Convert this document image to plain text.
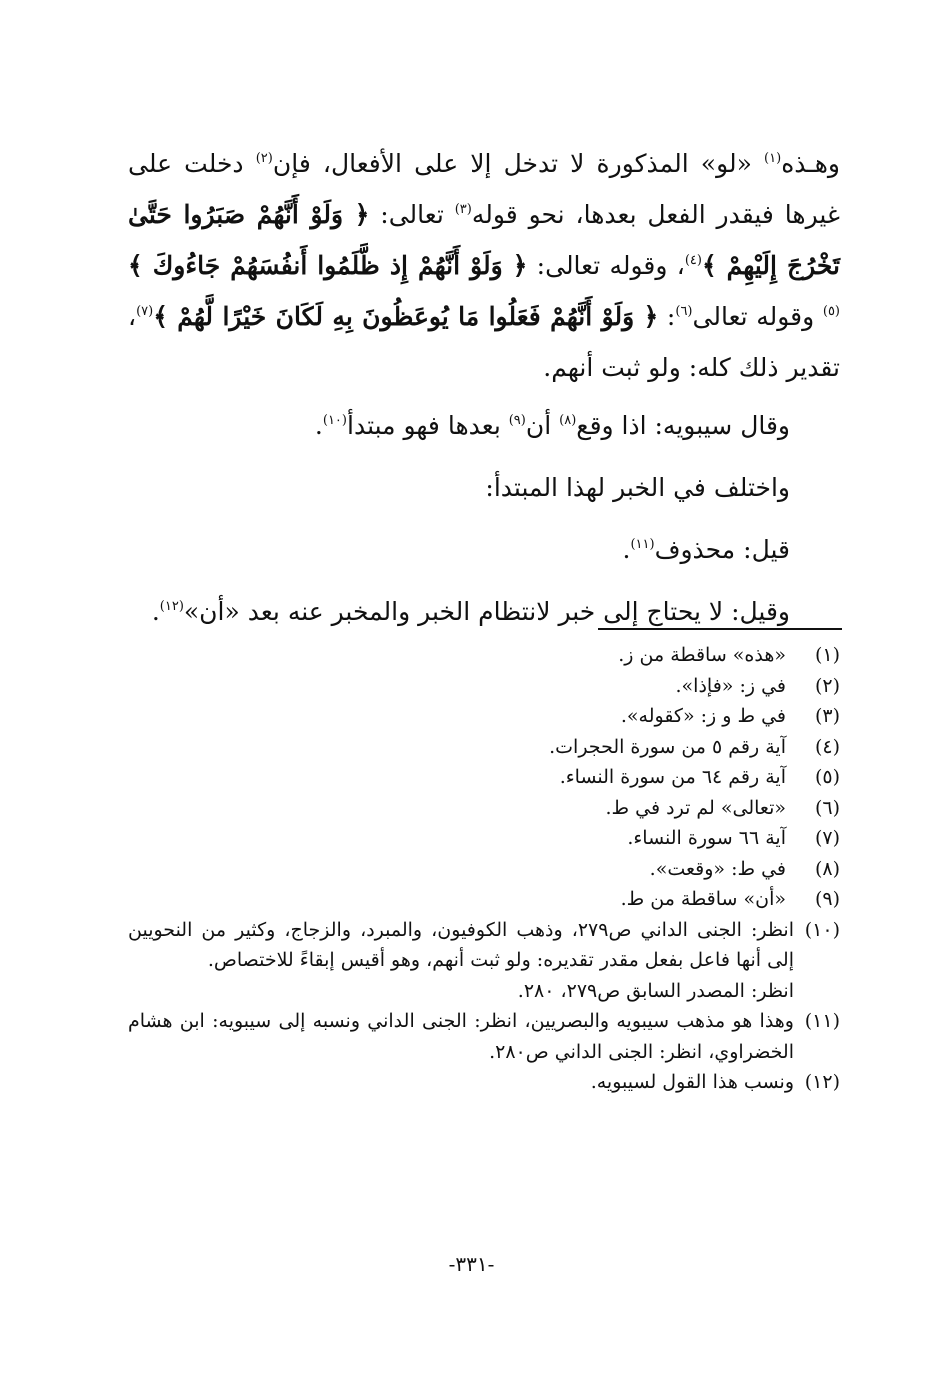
وهـذه$^{(١)}$ «لو» المذكورة لا تدخل إلا على الأفعال، فإن$^{(٢)}$ دخلت على غيرها فيقدر الفعل بعدها، نحو قوله$^{(٣)}$ تعالى: ﴿ وَلَوْ أَنَّهُمْ صَبَرُوا حَتَّىٰ تَخْرُجَ إِلَيْهِمْ ﴾$^{(٤)}$، وقوله تعالى: ﴿ وَلَوْ أَنَّهُمْ إِذ ظَّلَمُوا أَنفُسَهُمْ جَاءُوكَ ﴾$^{(٥)}$ وقوله تعالى$^{(٦)}$: ﴿ وَلَوْ أَنَّهُمْ فَعَلُوا مَا يُوعَظُونَ بِهِ لَكَانَ خَيْرًا لَّهُمْ ﴾$^{(٧)}$، تقدير ذلك كله: ولو ثبت أنهم.

وقال سيبويه: اذا وقع$^{(٨)}$ أن$^{(٩)}$ بعدها فهو مبتدأ$^{(١٠)}$.

واختلف في الخبر لهذا المبتدأ:

قيل: محذوف$^{(١١)}$.

وقيل: لا يحتاج إلى خبر لانتظام الخبر والمخبر عنه بعد «أن»$^{(١٢)}$.

(١)
«هذه» ساقطة من ز.
(٢)
في ز: «فإذا».
(٣)
في ط و ز: «كقوله».
(٤)
آية رقم ٥ من سورة الحجرات.
(٥)
آية رقم ٦٤ من سورة النساء.
(٦)
«تعالى» لم ترد في ط.
(٧)
آية ٦٦ سورة النساء.
(٨)
في ط: «وقعت».
(٩)
«أن» ساقطة من ط.
(١٠)
انظر: الجنى الداني ص٢٧٩، وذهب الكوفيون، والمبرد، والزجاج، وكثير من النحويين إلى أنها فاعل بفعل مقدر تقديره: ولو ثبت أنهم، وهو أقيس إبقاءً للاختصاص.
انظر: المصدر السابق ص٢٧٩، ٢٨٠.
(١١)
وهذا هو مذهب سيبويه والبصريين، انظر: الجنى الداني ونسبه إلى سيبويه: ابن هشام الخضراوي، انظر: الجنى الداني ص٢٨٠.
(١٢)
ونسب هذا القول لسيبويه.
-٣٣١-
